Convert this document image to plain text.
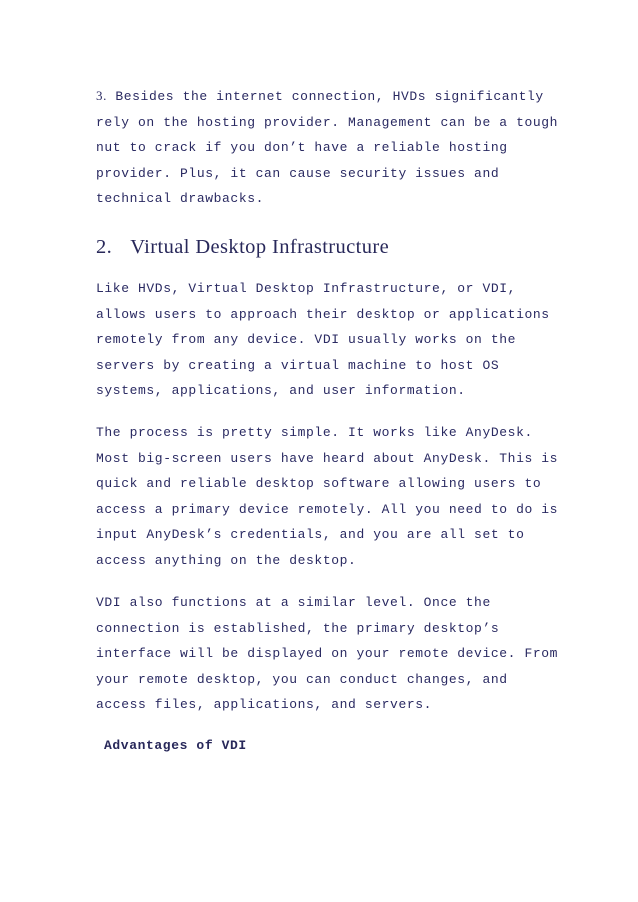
3. Besides the internet connection, HVDs significantly
rely on the hosting provider. Management can be a tough
nut to crack if you don’t have a reliable hosting
provider. Plus, it can cause security issues and
technical drawbacks.

2. Virtual Desktop Infrastructure

Like HVDs, Virtual Desktop Infrastructure, or VDI,
allows users to approach their desktop or applications
remotely from any device. VDI usually works on the
servers by creating a virtual machine to host OS
systems, applications, and user information.

The process is pretty simple. It works like AnyDesk.
Most big-screen users have heard about AnyDesk. This is
quick and reliable desktop software allowing users to
access a primary device remotely. All you need to do is
input AnyDesk’s credentials, and you are all set to
access anything on the desktop.

VDI also functions at a similar level. Once the
connection is established, the primary desktop’s
interface will be displayed on your remote device. From
your remote desktop, you can conduct changes, and
access files, applications, and servers.

Advantages of VDI
